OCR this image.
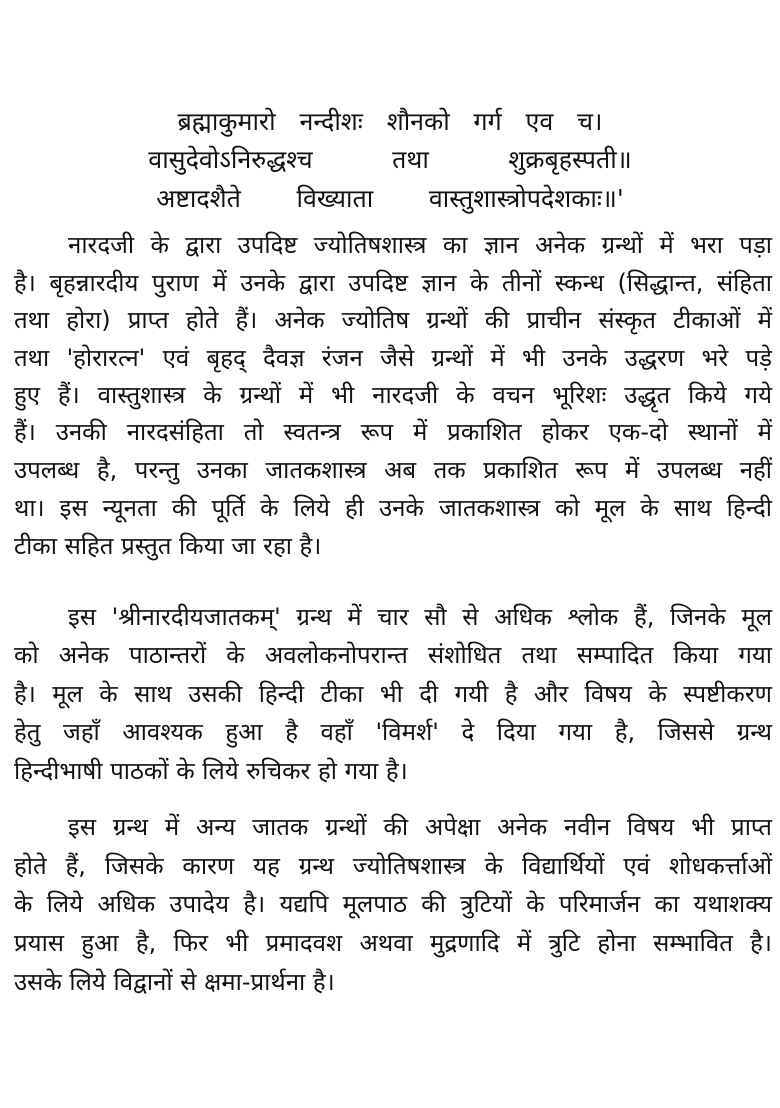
ब्रह्माकुमारो   नन्दीशः   शौनको   गर्ग   एव   च।
वासुदेवोऽनिरुद्धश्च          तथा          शुक्रबृहस्पती॥
अष्टादशैते       विख्याता       वास्तुशास्त्रोपदेशकाः॥'
नारदजी के द्वारा उपदिष्ट ज्योतिषशास्त्र का ज्ञान अनेक ग्रन्थों में भरा पड़ा
है। बृहन्नारदीय पुराण में उनके द्वारा उपदिष्ट ज्ञान के तीनों स्कन्ध (सिद्धान्त, संहिता
तथा होरा) प्राप्त होते हैं। अनेक ज्योतिष ग्रन्थों की प्राचीन संस्कृत टीकाओं में
तथा 'होरारत्न' एवं बृहद् दैवज्ञ रंजन जैसे ग्रन्थों में भी उनके उद्धरण भरे पड़े
हुए हैं। वास्तुशास्त्र के ग्रन्थों में भी नारदजी के वचन भूरिशः उद्धृत किये गये
हैं। उनकी नारदसंहिता तो स्वतन्त्र रूप में प्रकाशित होकर एक-दो स्थानों में
उपलब्ध है, परन्तु उनका जातकशास्त्र अब तक प्रकाशित रूप में उपलब्ध नहीं
था। इस न्यूनता की पूर्ति के लिये ही उनके जातकशास्त्र को मूल के साथ हिन्दी
टीका सहित प्रस्तुत किया जा रहा है।
इस 'श्रीनारदीयजातकम्' ग्रन्थ में चार सौ से अधिक श्लोक हैं, जिनके मूल
को अनेक पाठान्तरों के अवलोकनोपरान्त संशोधित तथा सम्पादित किया गया
है। मूल के साथ उसकी हिन्दी टीका भी दी गयी है और विषय के स्पष्टीकरण
हेतु जहाँ आवश्यक हुआ है वहाँ 'विमर्श' दे दिया गया है, जिससे ग्रन्थ
हिन्दीभाषी पाठकों के लिये रुचिकर हो गया है।
इस ग्रन्थ में अन्य जातक ग्रन्थों की अपेक्षा अनेक नवीन विषय भी प्राप्त
होते हैं, जिसके कारण यह ग्रन्थ ज्योतिषशास्त्र के विद्यार्थियों एवं शोधकर्त्ताओं
के लिये अधिक उपादेय है। यद्यपि मूलपाठ की त्रुटियों के परिमार्जन का यथाशक्य
प्रयास हुआ है, फिर भी प्रमादवश अथवा मुद्रणादि में त्रुटि होना सम्भावित है।
उसके लिये विद्वानों से क्षमा-प्रार्थना है।
